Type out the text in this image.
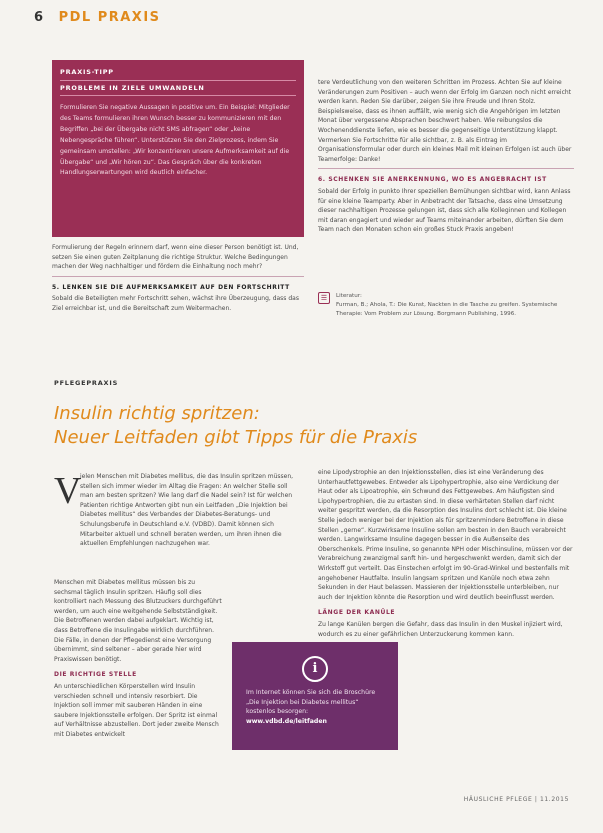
6 PDL PRAXIS
PRAXIS-TIPP
PROBLEME IN ZIELE UMWANDELN
Formulieren Sie negative Aussagen in positive um. Ein Beispiel: Mitglieder des Teams formulieren ihren Wunsch besser zu kommunizieren mit den Begriffen „bei der Übergabe nicht SMS abfragen“ oder „keine Nebengespräche führen“. Unterstützen Sie den Zielprozess, indem Sie gemeinsam umstellen: „Wir konzentrieren unsere Aufmerksamkeit auf die Übergabe“ und „Wir hören zu“. Das Gespräch über die konkreten Handlungserwartungen wird deutlich einfacher.

Formulierung der Regeln erinnern darf, wenn eine dieser Person benötigt ist. Und, setzen Sie einen guten Zeitplanung die richtige Struktur. Welche Bedingungen machen der Weg nachhaltiger und fördern die Einhaltung noch mehr?

5. LENKEN SIE DIE AUFMERKSAMKEIT AUF DEN FORTSCHRITT

Sobald die Beteiligten mehr Fortschritt sehen, wächst ihre Überzeugung, dass das Ziel erreichbar ist, und die Bereitschaft zum Weitermachen.

tere Verdeutlichung von den weiteren Schritten im Prozess. Achten Sie auf kleine Veränderungen zum Positiven – auch wenn der Erfolg im Ganzen noch nicht erreicht werden kann. Reden Sie darüber, zeigen Sie ihre Freude und Ihren Stolz. Beispielsweise, dass es ihnen auffällt, wie wenig sich die Angehörigen im letzten Monat über vergessene Absprachen beschwert haben. Wie reibungslos die Wochenenddienste liefen, wie es besser die gegenseitige Unterstützung klappt. Vermerken Sie Fortschritte für alle sichtbar, z. B. als Eintrag im Organisationsformular oder durch ein kleines Mail mit kleinen Erfolgen ist auch über Teamerfolge: Danke!

6. SCHENKEN SIE ANERKENNUNG, WO ES ANGEBRACHT IST

Sobald der Erfolg in punkto Ihrer speziellen Bemühungen sichtbar wird, kann Anlass für eine kleine Teamparty. Aber in Anbetracht der Tatsache, dass eine Umsetzung dieser nachhaltigen Prozesse gelungen ist, dass sich alle Kolleginnen und Kollegen mit daran engagiert und wieder auf Teams miteinander arbeiten, dürften Sie dem Team nach den Monaten schon ein großes Stuck Praxis angeben!

☰	Literatur:
Furman, B.; Ahola, T.: Die Kunst, Nackten in die Tasche zu greifen. Systemische Therapie: Vom Problem zur Lösung. Borgmann Publishing, 1996.
PFLEGEPRAXIS
Insulin richtig spritzen:
Neuer Leitfaden gibt Tipps für die Praxis
V

ielen Menschen mit Diabetes mellitus, die das Insulin spritzen müssen, stellen sich immer wieder im Alltag die Fragen: An welcher Stelle soll man am besten spritzen? Wie lang darf die Nadel sein? Ist für welchen Patienten richtige Antworten gibt nun ein Leitfaden „Die Injektion bei Diabetes mellitus“ des Verbandes der Diabetes-Beratungs- und Schulungsberufe in Deutschland e.V. (VDBD). Damit können sich Mitarbeiter aktuell und schnell beraten werden, um ihren ihnen die aktuellen Empfehlungen nachzugehen war.

Menschen mit Diabetes mellitus müssen bis zu sechsmal täglich Insulin spritzen. Häufig soll dies kontrolliert nach Messung des Blutzuckers durchgeführt werden, um auch eine weitgehende Selbstständigkeit. Die Betroffenen werden dabei aufgeklart. Wichtig ist, dass Betroffene die Insulingabe wirklich durchführen. Die Fälle, in denen der Pflegedienst eine Versorgung übernimmt, sind seltener – aber gerade hier wird Praxiswissen benötigt.

DIE RICHTIGE STELLE

An unterschiedlichen Körperstellen wird Insulin verschieden schnell und intensiv resorbiert. Die Injektion soll immer mit sauberen Händen in eine saubere Injektionsstelle erfolgen. Der Spritz ist einmal auf Verhältnisse abzustellen. Dort jeder zweite Mensch mit Diabetes entwickelt

eine Lipodystrophie an den Injektionsstellen, dies ist eine Veränderung des Unterhautfettgewebes. Entweder als Lipohypertrophie, also eine Verdickung der Haut oder als Lipoatrophie, ein Schwund des Fettgewebes. Am häufigsten sind Lipohypertrophien, die zu ertasten sind. In diese verhärteten Stellen darf nicht weiter gespritzt werden, da die Resorption des Insulins dort schlecht ist. Die kleine Stelle jedoch weniger bei der Injektion als für spritzenmindere Betroffene in diese Stellen „gerne“. Kurzwirksame Insuline sollen am besten in den Bauch verabreicht werden. Langwirksame Insuline dagegen besser in die Außenseite des Oberschenkels. Prime Insuline, so genannte NPH oder Mischinsuline, müssen vor der Verabreichung zwanzigmal sanft hin- und hergeschwenkt werden, damit sich der Wirkstoff gut verteilt. Das Einstechen erfolgt im 90-Grad-Winkel und bestenfalls mit angehobener Hautfalte. Insulin langsam spritzen und Kanüle noch etwa zehn Sekunden in der Haut belassen. Massieren der Injektionsstelle unterbleiben, nur auch der Injektion könnte die Resorption und wird deutlich beeinflusst werden.

LÄNGE DER KANÜLE

Zu lange Kanülen bergen die Gefahr, dass das Insulin in den Muskel injiziert wird, wodurch es zu einer gefährlichen Unterzuckerung kommen kann.

i
Im Internet können Sie sich die Broschüre „Die Injektion bei Diabetes mellitus“ kostenlos besorgen:
www.vdbd.de/leitfaden
HÄUSLICHE PFLEGE | 11.2015
